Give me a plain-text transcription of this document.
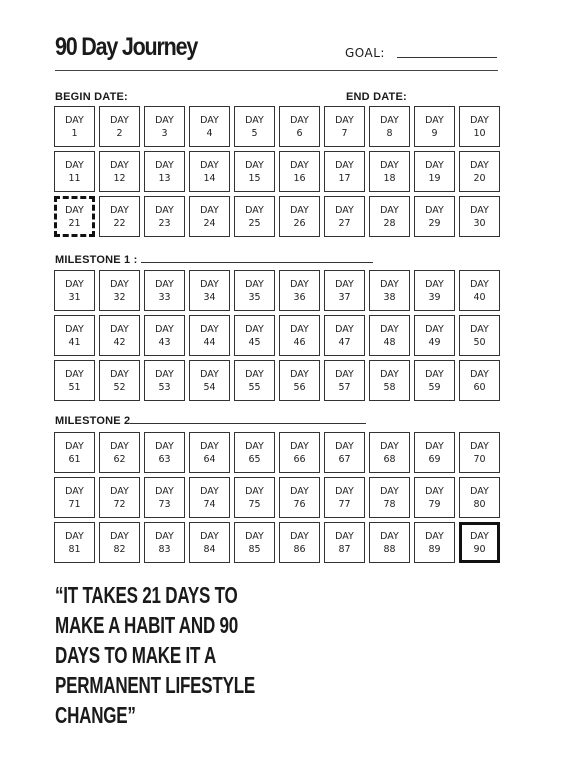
90 Day Journey	GOAL:
BEGIN DATE:	END DATE:
DAY
1
DAY
2
DAY
3
DAY
4
DAY
5
DAY
6
DAY
7
DAY
8
DAY
9
DAY
10
DAY
11
DAY
12
DAY
13
DAY
14
DAY
15
DAY
16
DAY
17
DAY
18
DAY
19
DAY
20
DAY
21
DAY
22
DAY
23
DAY
24
DAY
25
DAY
26
DAY
27
DAY
28
DAY
29
DAY
30
MILESTONE 1 :
DAY
31
DAY
32
DAY
33
DAY
34
DAY
35
DAY
36
DAY
37
DAY
38
DAY
39
DAY
40
DAY
41
DAY
42
DAY
43
DAY
44
DAY
45
DAY
46
DAY
47
DAY
48
DAY
49
DAY
50
DAY
51
DAY
52
DAY
53
DAY
54
DAY
55
DAY
56
DAY
57
DAY
58
DAY
59
DAY
60
MILESTONE 2
DAY
61
DAY
62
DAY
63
DAY
64
DAY
65
DAY
66
DAY
67
DAY
68
DAY
69
DAY
70
DAY
71
DAY
72
DAY
73
DAY
74
DAY
75
DAY
76
DAY
77
DAY
78
DAY
79
DAY
80
DAY
81
DAY
82
DAY
83
DAY
84
DAY
85
DAY
86
DAY
87
DAY
88
DAY
89
DAY
90
“IT TAKES 21 DAYS TO
MAKE A HABIT AND 90
DAYS TO MAKE IT A
PERMANENT LIFESTYLE
CHANGE”
